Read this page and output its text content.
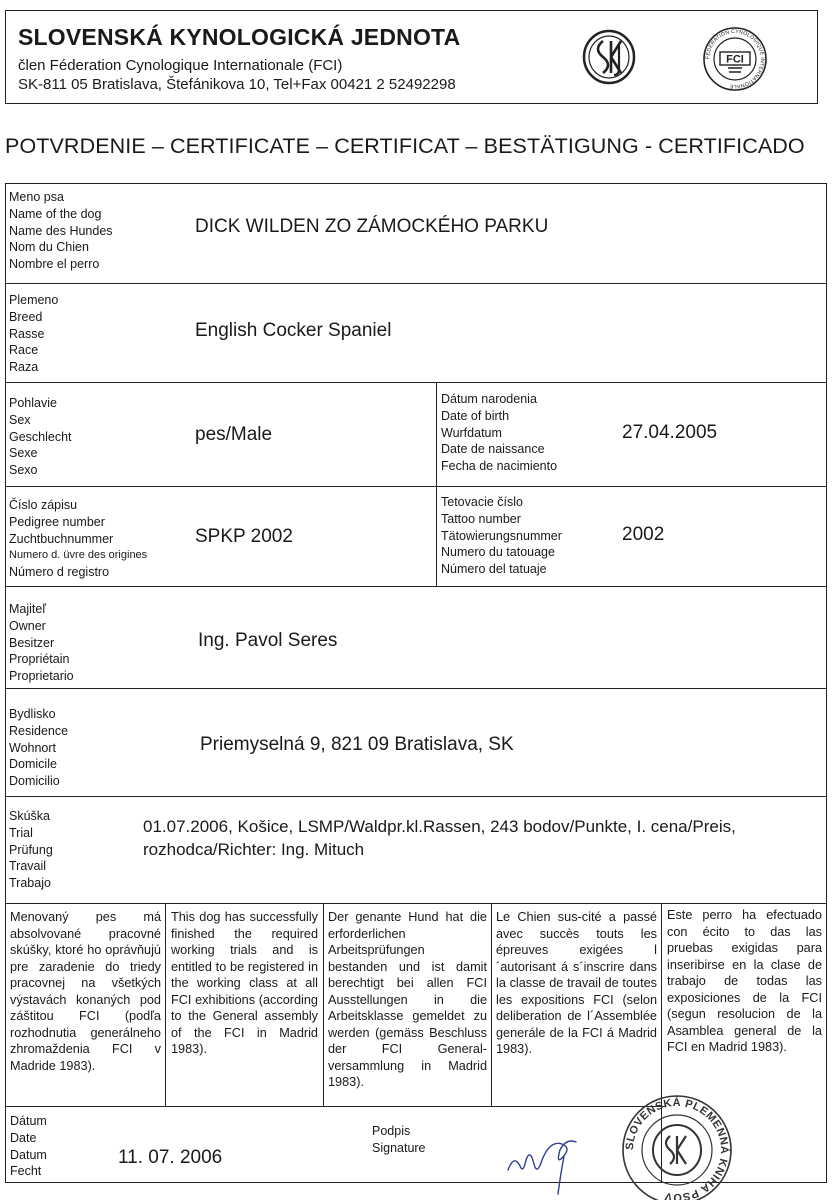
SLOVENSKÁ KYNOLOGICKÁ JEDNOTA
člen Féderation Cynologique Internationale (FCI)
SK-811 05 Bratislava, Štefánikova 10, Tel+Fax 00421 2 52492298
FEDERATION CYNOLOGIQUE INTERNATIONALE
FCI
POTVRDENIE – CERTIFICATE – CERTIFICAT – BESTÄTIGUNG - CERTIFICADO
Meno psa
Name of the dog
Name des Hundes
Nom du Chien
Nombre el perro
DICK WILDEN ZO ZÁMOCKÉHO PARKU
Plemeno
Breed
Rasse
Race
Raza
English Cocker Spaniel
Pohlavie
Sex
Geschlecht
Sexe
Sexo
pes/Male
Dátum narodenia
Date of birth
Wurfdatum
Date de naissance
Fecha de nacimiento
27.04.2005
Číslo zápisu
Pedigree number
Zuchtbuchnummer
Numero d. üvre des origines
Número d registro
SPKP 2002
Tetovacie číslo
Tattoo number
Tätowierungsnummer
Numero du tatouage
Número del tatuaje
2002
Majiteľ
Owner
Besitzer
Propriétain
Proprietario
Ing. Pavol Seres
Bydlisko
Residence
Wohnort
Domicile
Domicilio
Priemyselná 9, 821 09 Bratislava, SK
Skúška
Trial
Prüfung
Travail
Trabajo
01.07.2006, Košice, LSMP/Waldpr.kl.Rassen, 243 bodov/Punkte, I. cena/Preis,
rozhodca/Richter: Ing. Mituch
Menovaný pes má absolvované pracovné skúšky, ktoré ho oprávňujú pre zaradenie do triedy pracovnej na všetkých výstavách konaných pod záštitou FCI (podľa rozhodnutia generálneho zhromaždenia FCI v Madride 1983).
This dog has successfully finished the required working trials and is entitled to be registered in the working class at all FCI exhibitions (according to the General assembly of the FCI in Madrid 1983).
Der genante Hund hat die erforderlichen Arbeitsprüfungen bestanden und ist damit berechtigt bei allen FCI Ausstellungen in die Arbeitsklasse gemeldet zu werden (gemäss Beschluss der FCI General-versammlung in Madrid 1983).
Le Chien sus-cité a passé avec succès touts les épreuves exigées l´autorisant á s´inscrire dans la classe de travail de toutes les expositions FCI (selon deliberation de l´Assemblée generále de la FCI á Madrid 1983).
Este perro ha efectuado con écito to das las pruebas exigidas para inseribirse en la clase de trabajo de todas las exposiciones de la FCI (segun resolucion de la Asamblea general de la FCI en Madrid 1983).
Dátum
Date
Datum
Fecht
11. 07. 2006
Podpis
Signature	SLOVENSKÁ PLEMENNÁ KNIHA PSOV
